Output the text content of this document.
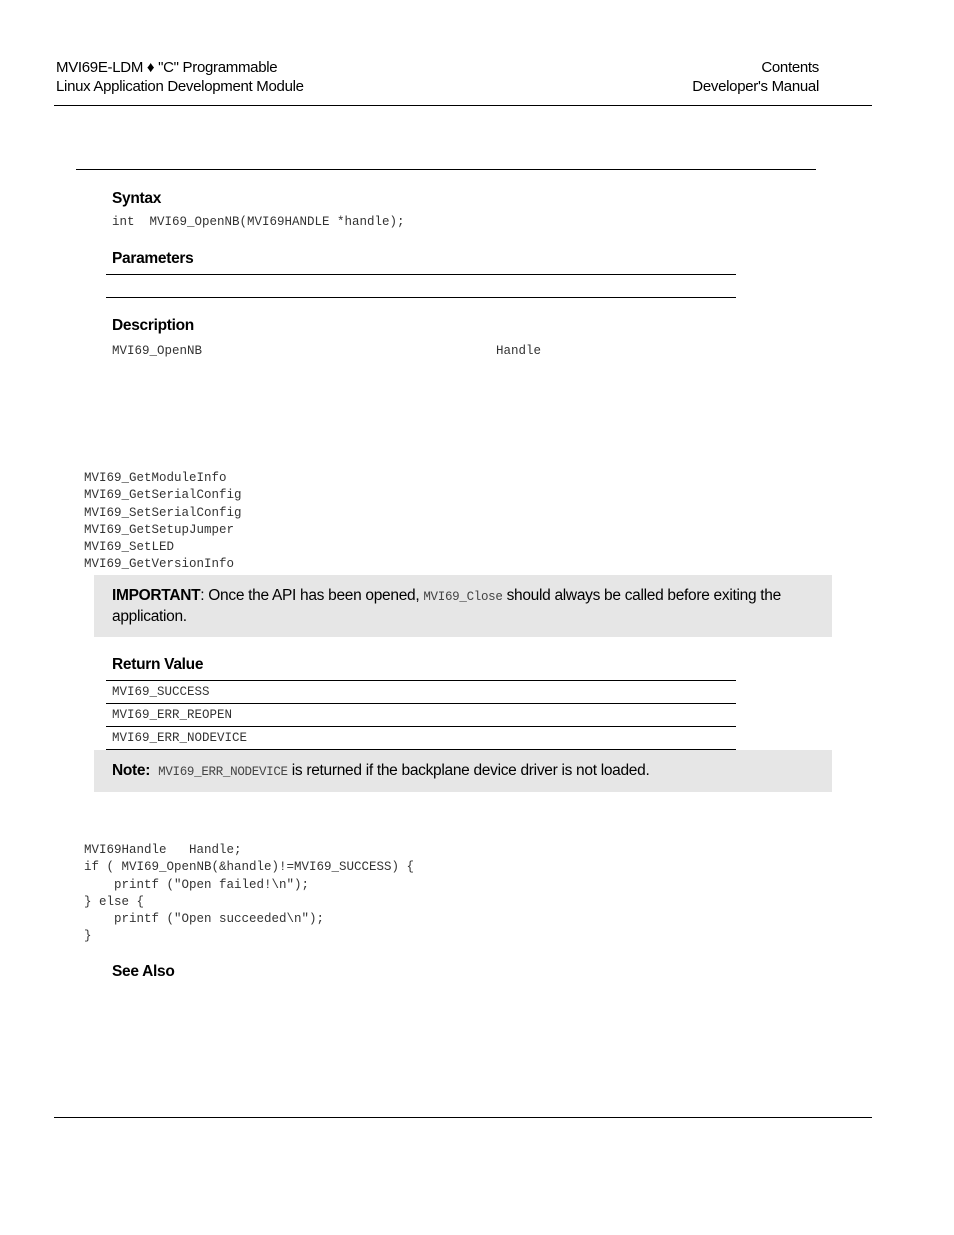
MVI69E-LDM ♦ "C" Programmable
Linux Application Development Module
Contents
Developer's Manual
Syntax
int  MVI69_OpenNB(MVI69HANDLE *handle);
Parameters
Description
MVI69_OpenNB	Handle
MVI69_GetModuleInfo
MVI69_GetSerialConfig
MVI69_SetSerialConfig
MVI69_GetSetupJumper
MVI69_SetLED
MVI69_GetVersionInfo
IMPORTANT: Once the API has been opened, MVI69_Close should always be called before exiting the application.
Return Value
MVI69_SUCCESS
MVI69_ERR_REOPEN
MVI69_ERR_NODEVICE
Note: MVI69_ERR_NODEVICE is returned if the backplane device driver is not loaded.
MVI69Handle   Handle;
if ( MVI69_OpenNB(&handle)!=MVI69_SUCCESS) {
printf ("Open failed!\n");
} else {
printf ("Open succeeded\n");
}
See Also
